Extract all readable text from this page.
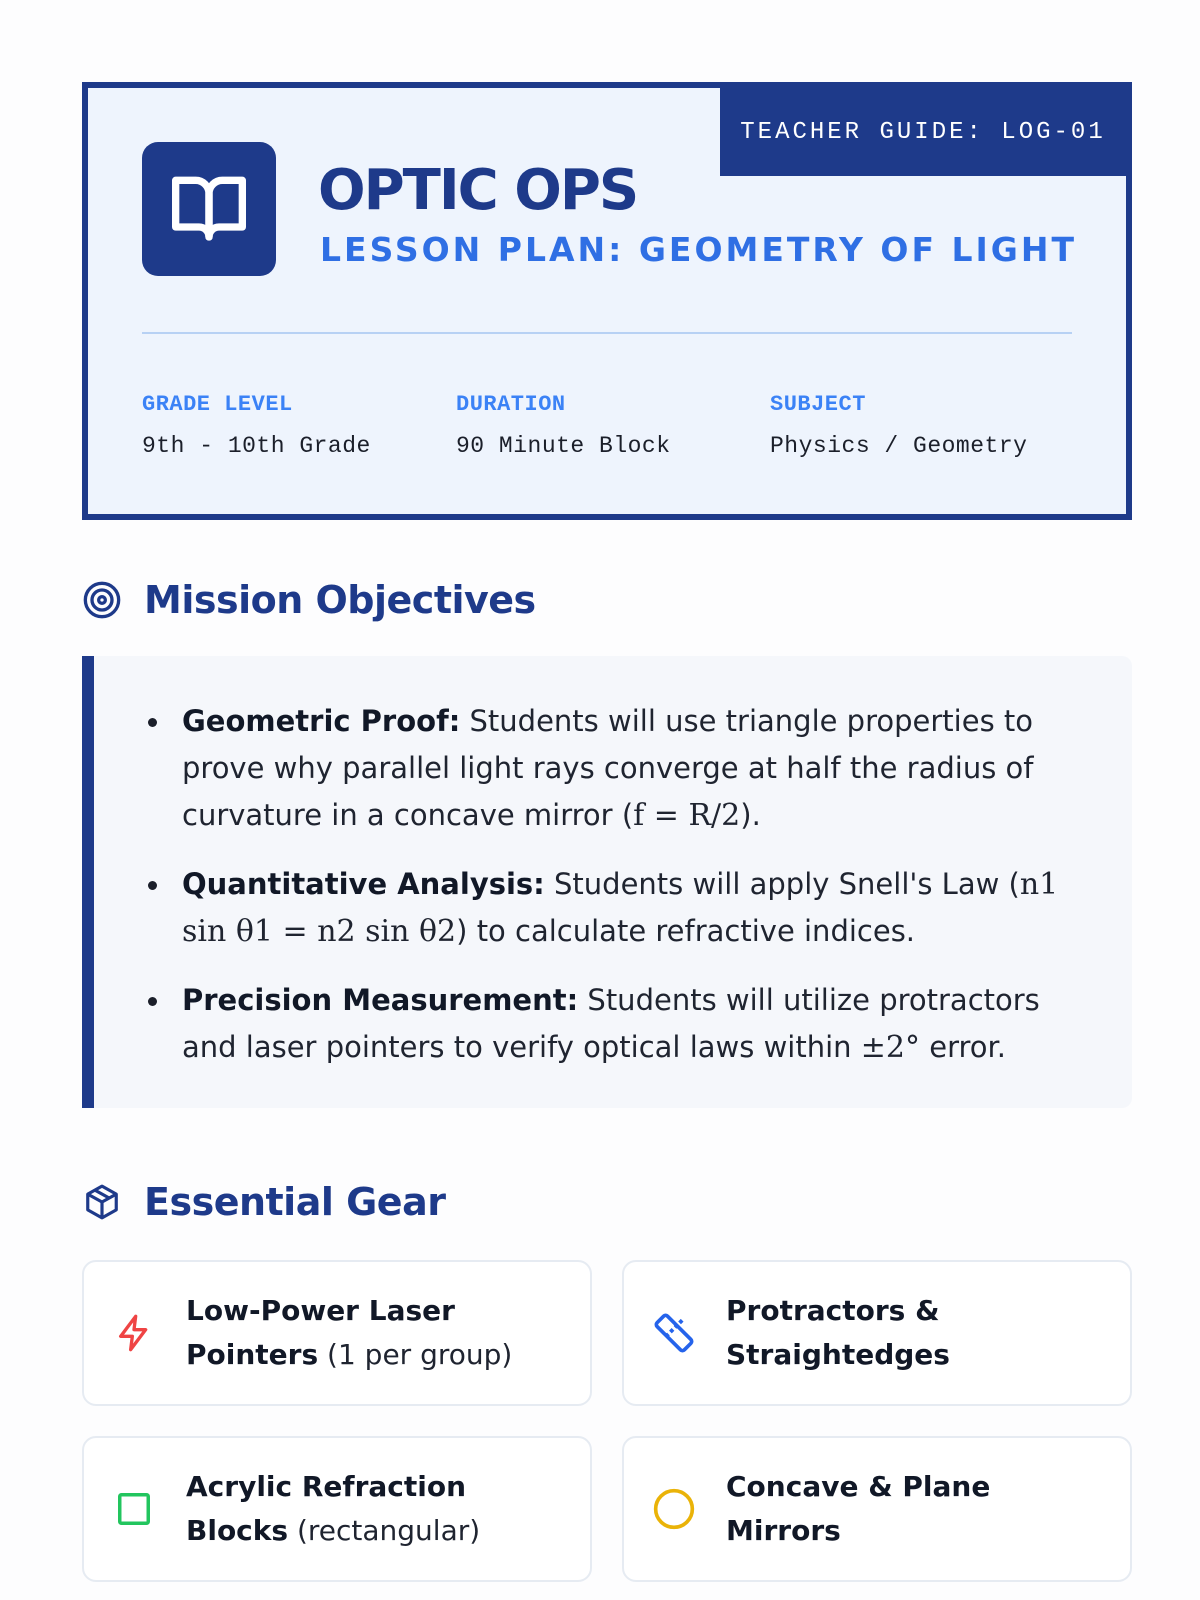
TEACHER GUIDE: LOG-01
OPTIC OPS
LESSON PLAN: GEOMETRY OF LIGHT
GRADE LEVEL
9th - 10th Grade
DURATION
90 Minute Block
SUBJECT
Physics / Geometry
Mission Objectives
Geometric Proof: Students will use triangle properties to prove why parallel light rays converge at half the radius of curvature in a concave mirror (f = R/2).
Quantitative Analysis: Students will apply Snell's Law (n1 sin θ1 = n2 sin θ2) to calculate refractive indices.
Precision Measurement: Students will utilize protractors and laser pointers to verify optical laws within ±2° error.
Essential Gear
Low-Power Laser Pointers (1 per group)
Protractors & Straightedges
Acrylic Refraction Blocks (rectangular)
Concave & Plane Mirrors
